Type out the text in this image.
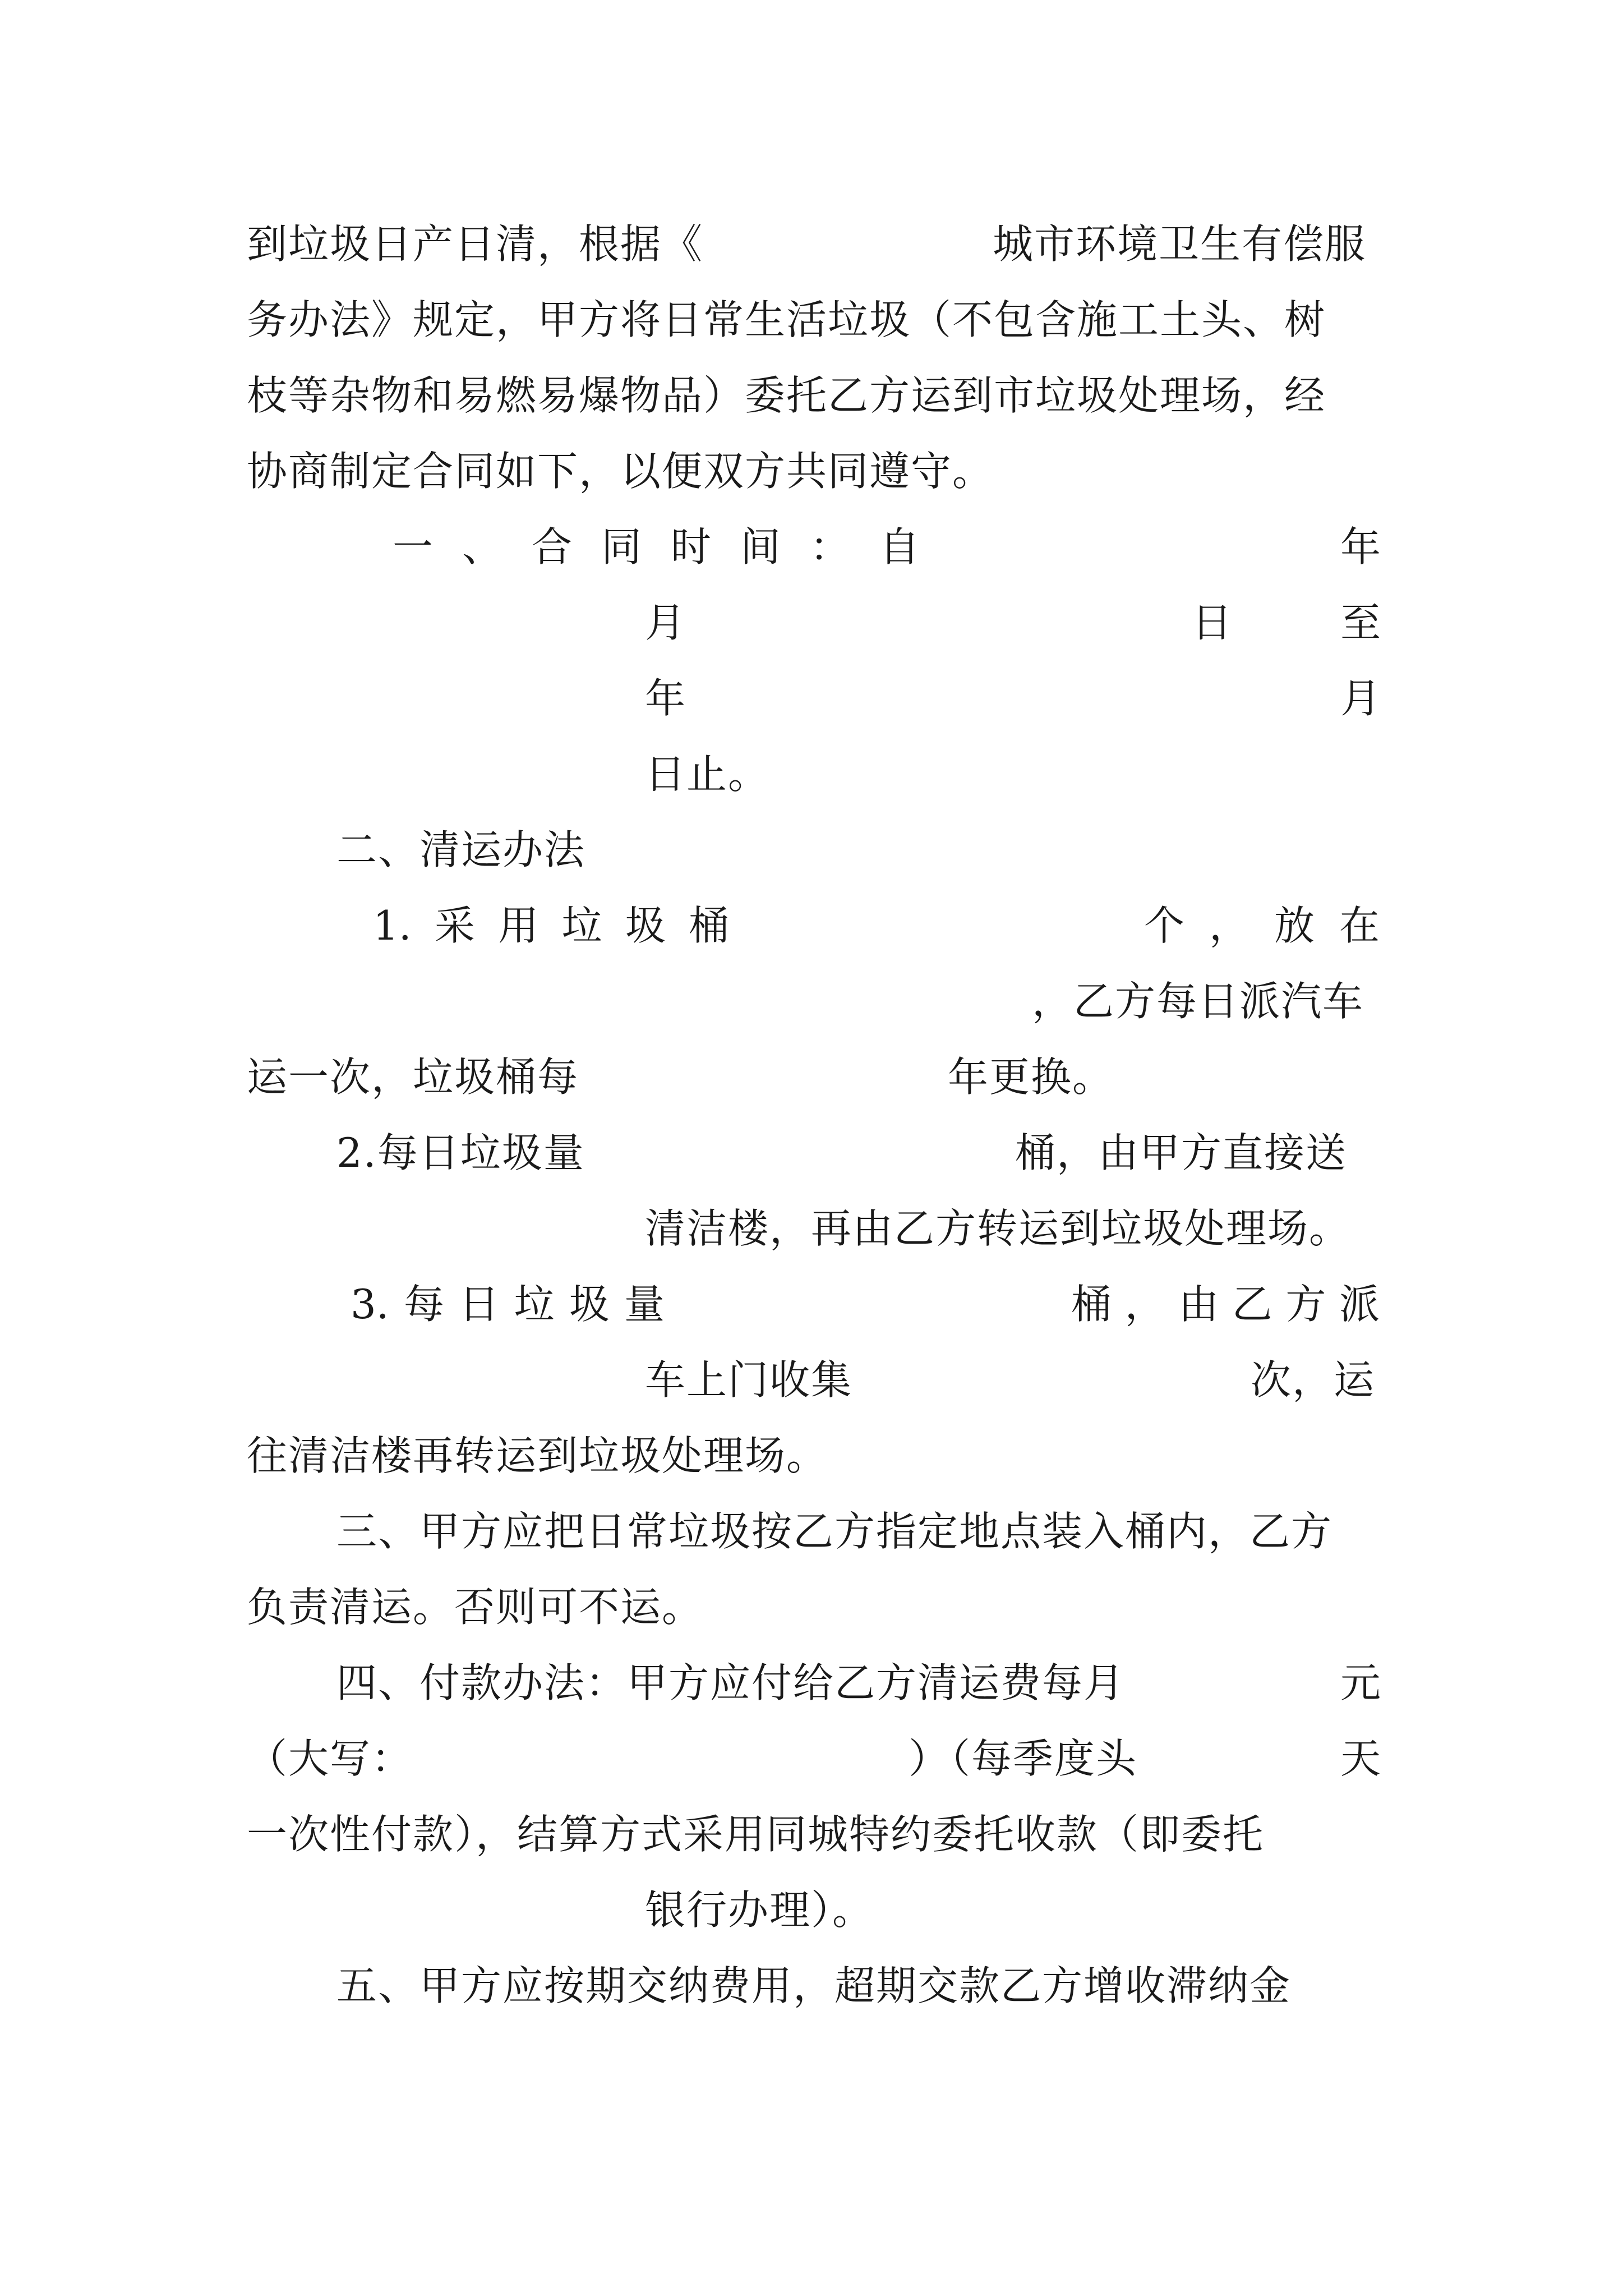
到垃圾日产日清，根据《	城市环境卫生有偿服
务办法》规定，甲方将日常生活垃圾（不包含施工土头、树
枝等杂物和易燃易爆物品）委托乙方运到市垃圾处理场，经
协商制定合同如下，以便双方共同遵守。
一 、 合 同 时 间 ： 自	年
月	日	至
年	月
日止。
二、清运办法
1. 采 用 垃 圾 桶	个 ， 放 在
，乙方每日派汽车
运一次，垃圾桶每	年更换。
2.每日垃圾量	桶，由甲方直接送
清洁楼，再由乙方转运到垃圾处理场。
3. 每 日 垃 圾 量	桶 ， 由 乙 方 派
车上门收集	次，运
往清洁楼再转运到垃圾处理场。
三、甲方应把日常垃圾按乙方指定地点装入桶内，乙方
负责清运。否则可不运。
四、付款办法：甲方应付给乙方清运费每月	元
（大写：	）（每季度头	天
一次性付款），结算方式采用同城特约委托收款（即委托
银行办理）。
五、甲方应按期交纳费用，超期交款乙方增收滞纳金
